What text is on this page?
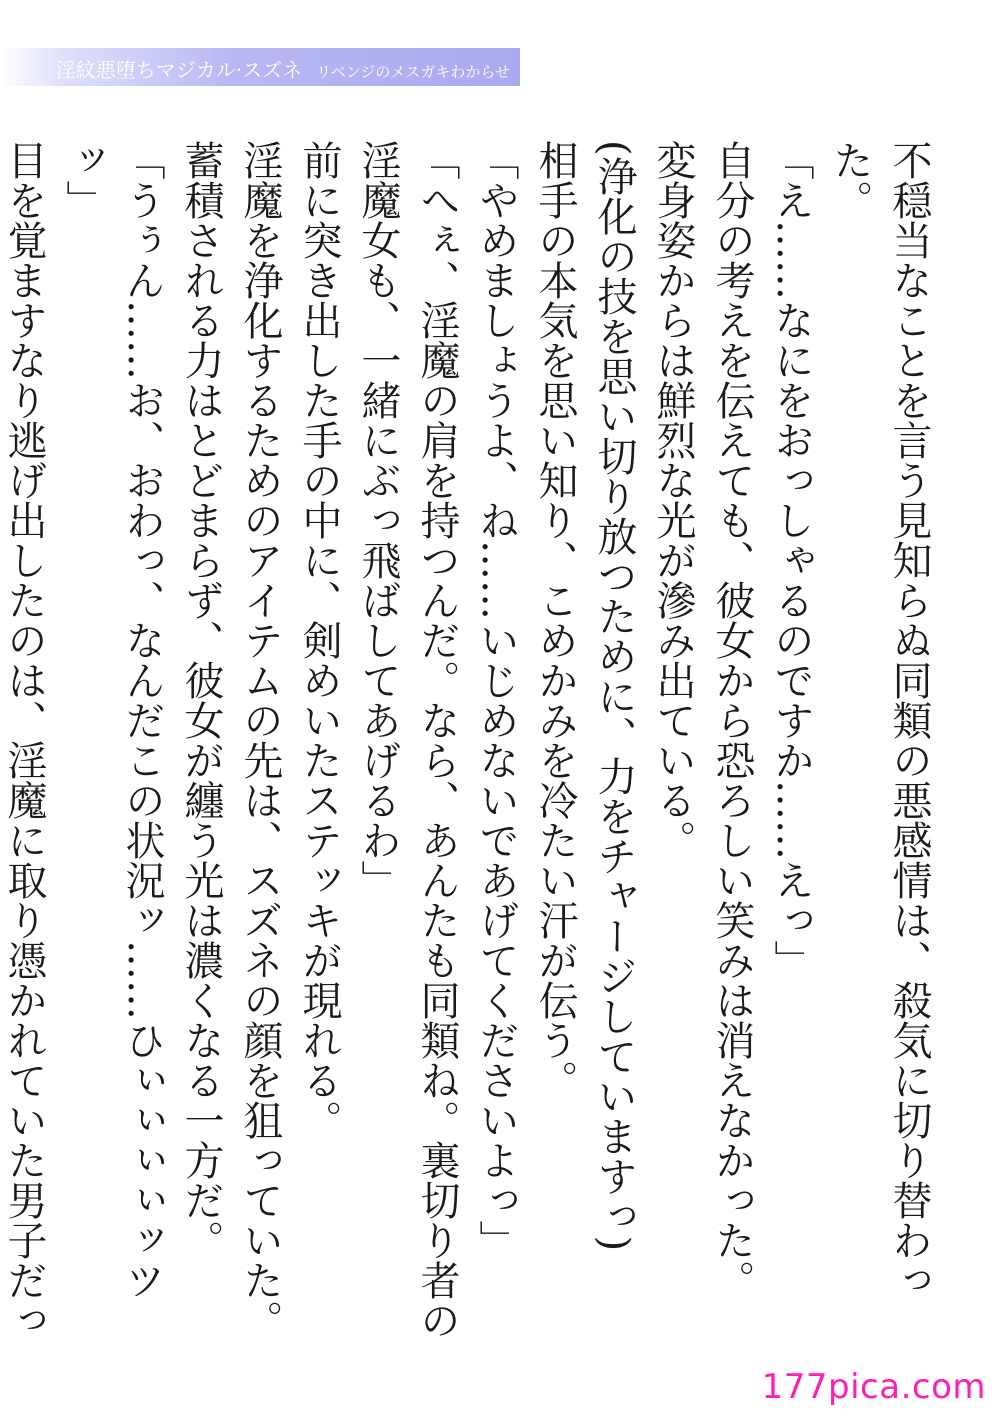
淫紋悪堕ちマジカル·スズネ リベンジのメスガキわからせ

不穏当なことを言う見知らぬ同類の悪感情は、殺気に切り替わった。

「え……なにをおっしゃるのですか……えっ」

自分の考えを伝えても、彼女から恐ろしい笑みは消えなかった。

変身姿からは鮮烈な光が滲み出ている。

(浄化の技を思い切り放つために、力をチャージしていますっ)

相手の本気を思い知り、こめかみを冷たい汗が伝う。

「やめましょうよ、ね……いじめないであげてくださいよっ」

「へぇ、淫魔の肩を持つんだ。なら、あんたも同類ね。裏切り者の淫魔女も、一緒にぶっ飛ばしてあげるわ」

前に突き出した手の中に、剣めいたステッキが現れる。

淫魔を浄化するためのアイテムの先は、スズネの顔を狙っていた。蓄積される力はとどまらず、彼女が纏う光は濃くなる一方だ。

「うぅん……お、おわっ、なんだこの状況ッ……ひぃぃぃぃッツッ」

目を覚ますなり逃げ出したのは、淫魔に取り憑かれていた男子だっ

177pica.com
